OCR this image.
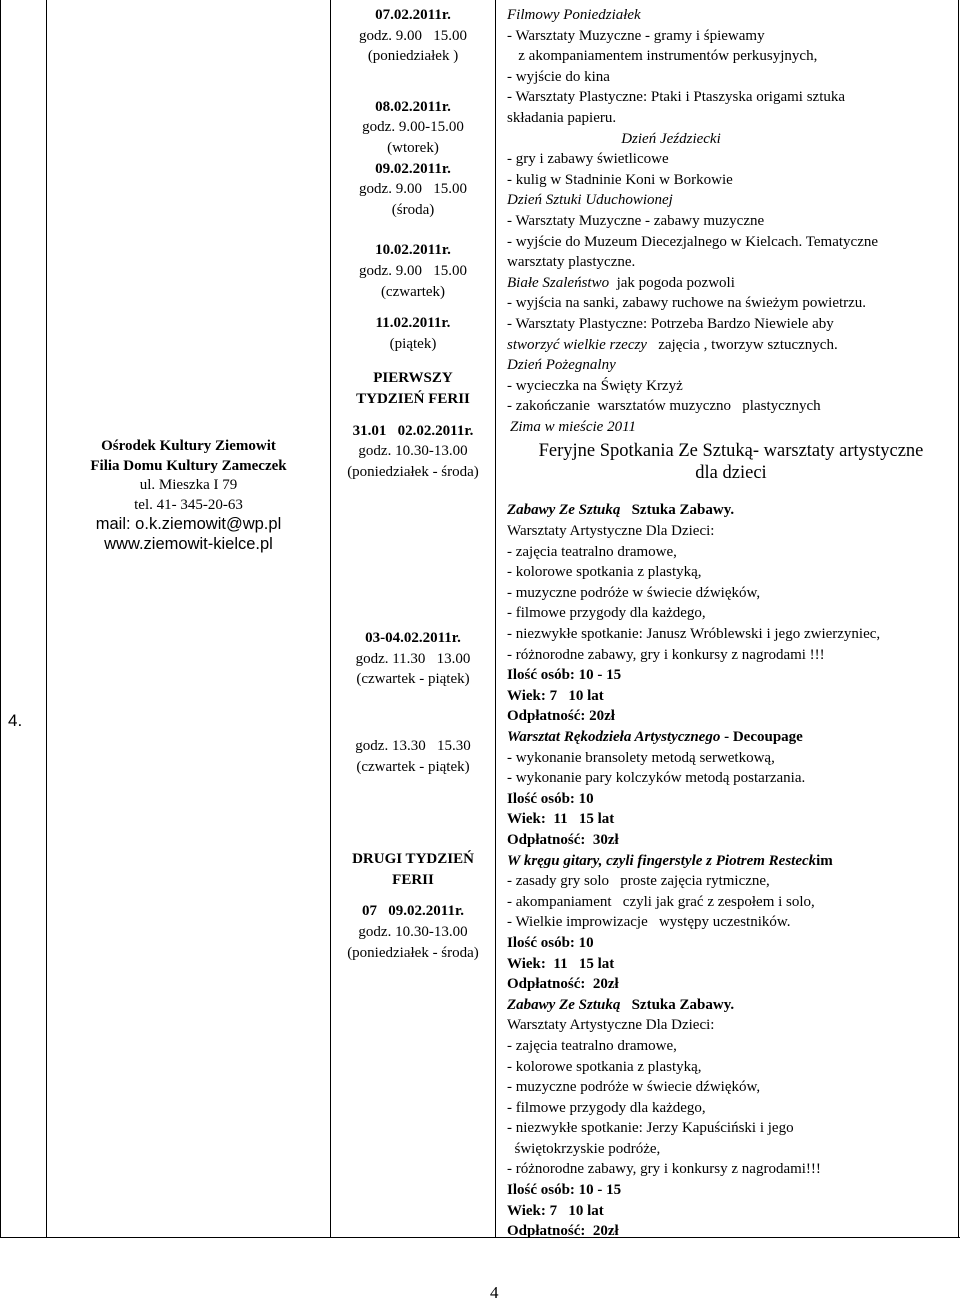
4.
Ośrodek Kultury Ziemowit
Filia Domu Kultury Zameczek
ul. Mieszka I 79
tel. 41- 345-20-63
mail: o.k.ziemowit@wp.pl
www.ziemowit-kielce.pl
07.02.2011r.
godz. 9.00   15.00
(poniedziałek )
08.02.2011r.
godz. 9.00-15.00
(wtorek)
09.02.2011r.
godz. 9.00   15.00
(środa)
10.02.2011r.
godz. 9.00   15.00
(czwartek)
11.02.2011r.
(piątek)
PIERWSZY
TYDZIEŃ FERII
31.01   02.02.2011r.
godz. 10.30-13.00
(poniedziałek - środa)
03-04.02.2011r.
godz. 11.30   13.00
(czwartek - piątek)
godz. 13.30   15.30
(czwartek - piątek)
DRUGI TYDZIEŃ
FERII
07   09.02.2011r.
godz. 10.30-13.00
(poniedziałek - środa)
Filmowy Poniedziałek
- Warsztaty Muzyczne - gramy i śpiewamy
z akompaniamentem instrumentów perkusyjnych,
- wyjście do kina
- Warsztaty Plastyczne: Ptaki i Ptaszyska origami sztuka
składania papieru.
Dzień Jeździecki
- gry i zabawy świetlicowe
- kulig w Stadninie Koni w Borkowie
Dzień Sztuki Uduchowionej
- Warsztaty Muzyczne - zabawy muzyczne
- wyjście do Muzeum Diecezjalnego w Kielcach. Tematyczne
warsztaty plastyczne.
Białe Szaleństwo  jak pogoda pozwoli
- wyjścia na sanki, zabawy ruchowe na świeżym powietrzu.
- Warsztaty Plastyczne: Potrzeba Bardzo Niewiele aby
stworzyć wielkie rzeczy   zajęcia , tworzyw sztucznych.
Dzień Pożegnalny
- wycieczka na Święty Krzyż
- zakończanie  warsztatów muzyczno   plastycznych
Zima w mieście 2011
Feryjne Spotkania Ze Sztuką- warsztaty artystyczne
dla dzieci
Zabawy Ze Sztuką   Sztuka Zabawy.
Warsztaty Artystyczne Dla Dzieci:
- zajęcia teatralno dramowe,
- kolorowe spotkania z plastyką,
- muzyczne podróże w świecie dźwięków,
- filmowe przygody dla każdego,
- niezwykłe spotkanie: Janusz Wróblewski i jego zwierzyniec,
- różnorodne zabawy, gry i konkursy z nagrodami !!!
Ilość osób: 10 - 15
Wiek: 7   10 lat
Odpłatność: 20zł
Warsztat Rękodzieła Artystycznego - Decoupage
- wykonanie bransolety metodą serwetkową,
- wykonanie pary kolczyków metodą postarzania.
Ilość osób: 10
Wiek:  11   15 lat
Odpłatność:  30zł
W kręgu gitary, czyli fingerstyle z Piotrem Resteckim
- zasady gry solo   proste zajęcia rytmiczne,
- akompaniament   czyli jak grać z zespołem i solo,
- Wielkie improwizacje   występy uczestników.
Ilość osób: 10
Wiek:  11   15 lat
Odpłatność:  20zł
Zabawy Ze Sztuką   Sztuka Zabawy.
Warsztaty Artystyczne Dla Dzieci:
- zajęcia teatralno dramowe,
- kolorowe spotkania z plastyką,
- muzyczne podróże w świecie dźwięków,
- filmowe przygody dla każdego,
- niezwykłe spotkanie: Jerzy Kapuściński i jego
świętokrzyskie podróże,
- różnorodne zabawy, gry i konkursy z nagrodami!!!
Ilość osób: 10 - 15
Wiek: 7   10 lat
Odpłatność:  20zł
4
